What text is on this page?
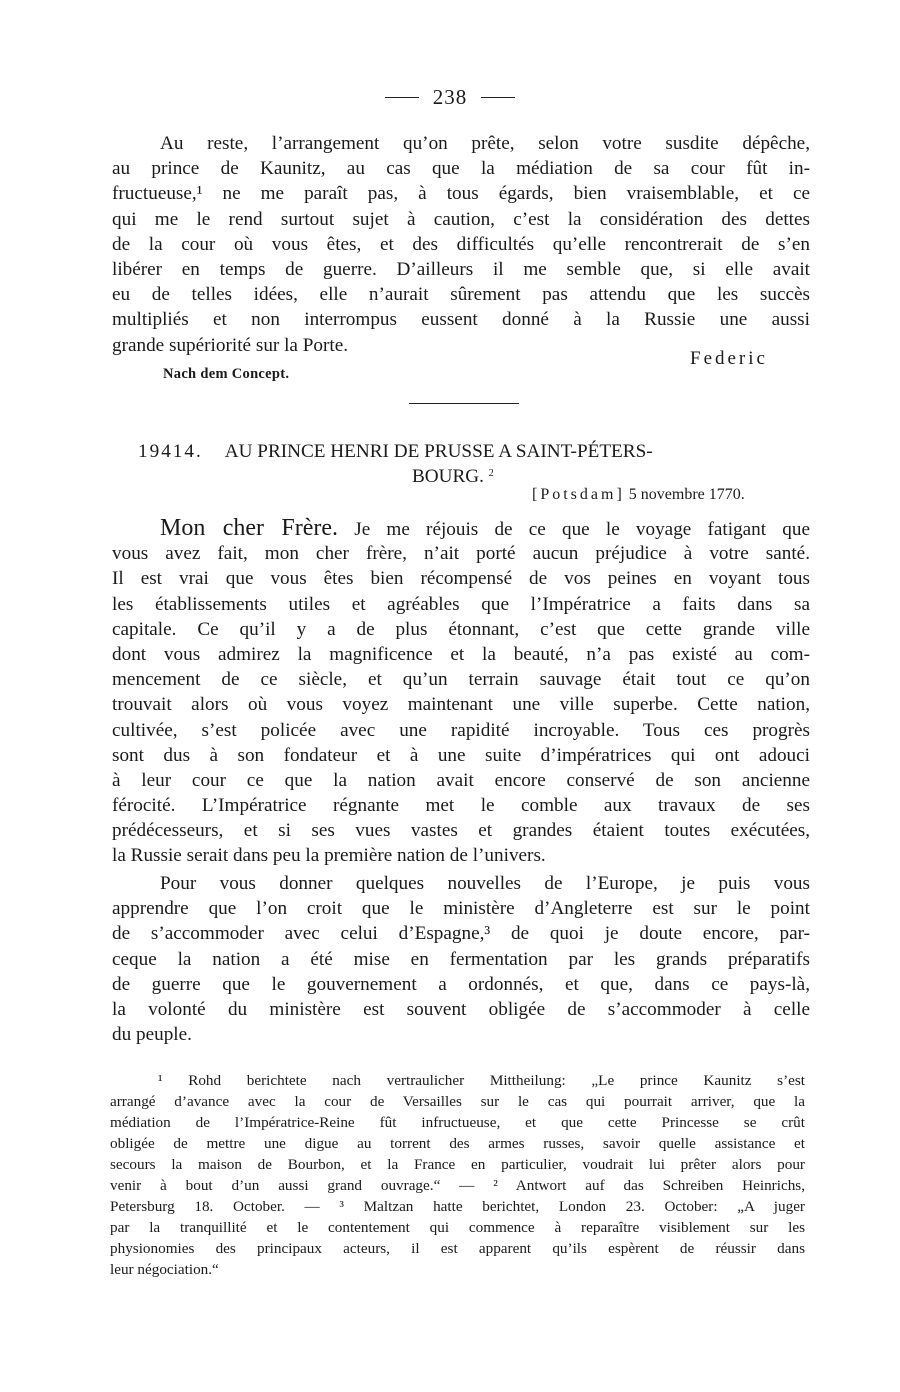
238
Au reste, l’arrangement qu’on prête, selon votre susdite dépêche,
au prince de Kaunitz, au cas que la médiation de sa cour fût in-
fructueuse,¹ ne me paraît pas, à tous égards, bien vraisemblable, et ce
qui me le rend surtout sujet à caution, c’est la considération des dettes
de la cour où vous êtes, et des difficultés qu’elle rencontrerait de s’en
libérer en temps de guerre. D’ailleurs il me semble que, si elle avait
eu de telles idées, elle n’aurait sûrement pas attendu que les succès
multipliés et non interrompus eussent donné à la Russie une aussi
grande supériorité sur la Porte.
Federic
Nach dem Concept.
19414. AU PRINCE HENRI DE PRUSSE A SAINT-PÉTERS-
BOURG. $^2$
[Potsdam] 5 novembre 1770.
Mon cher Frère. Je me réjouis de ce que le voyage fatigant que
vous avez fait, mon cher frère, n’ait porté aucun préjudice à votre santé.
Il est vrai que vous êtes bien récompensé de vos peines en voyant tous
les établissements utiles et agréables que l’Impératrice a faits dans sa
capitale. Ce qu’il y a de plus étonnant, c’est que cette grande ville
dont vous admirez la magnificence et la beauté, n’a pas existé au com-
mencement de ce siècle, et qu’un terrain sauvage était tout ce qu’on
trouvait alors où vous voyez maintenant une ville superbe. Cette nation,
cultivée, s’est policée avec une rapidité incroyable. Tous ces progrès
sont dus à son fondateur et à une suite d’impératrices qui ont adouci
à leur cour ce que la nation avait encore conservé de son ancienne
férocité. L’Impératrice régnante met le comble aux travaux de ses
prédécesseurs, et si ses vues vastes et grandes étaient toutes exécutées,
la Russie serait dans peu la première nation de l’univers.
Pour vous donner quelques nouvelles de l’Europe, je puis vous
apprendre que l’on croit que le ministère d’Angleterre est sur le point
de s’accommoder avec celui d’Espagne,³ de quoi je doute encore, par-
ceque la nation a été mise en fermentation par les grands préparatifs
de guerre que le gouvernement a ordonnés, et que, dans ce pays-là,
la volonté du ministère est souvent obligée de s’accommoder à celle
du peuple.
¹ Rohd berichtete nach vertraulicher Mittheilung: „Le prince Kaunitz s’est
arrangé d’avance avec la cour de Versailles sur le cas qui pourrait arriver, que la
médiation de l’Impératrice-Reine fût infructueuse, et que cette Princesse se crût
obligée de mettre une digue au torrent des armes russes, savoir quelle assistance et
secours la maison de Bourbon, et la France en particulier, voudrait lui prêter alors pour
venir à bout d’un aussi grand ouvrage.“ — ² Antwort auf das Schreiben Heinrichs,
Petersburg 18. October. — ³ Maltzan hatte berichtet, London 23. October: „A juger
par la tranquillité et le contentement qui commence à reparaître visiblement sur les
physionomies des principaux acteurs, il est apparent qu’ils espèrent de réussir dans
leur négociation.“
